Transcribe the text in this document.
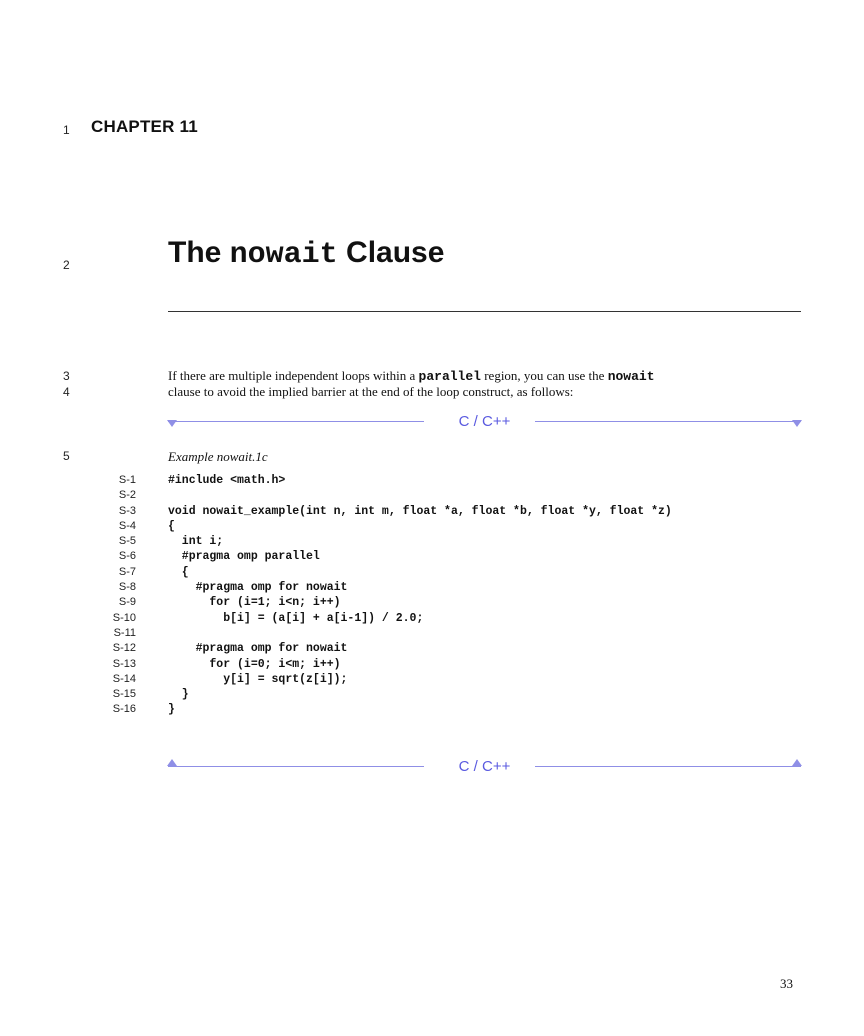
1
2
3
4
5
CHAPTER 11
The nowait Clause
If there are multiple independent loops within a parallel region, you can use the nowait
clause to avoid the implied barrier at the end of the loop construct, as follows:
C / C++
Example nowait.1c
S-1
S-2
S-3
S-4
S-5
S-6
S-7
S-8
S-9
S-10
S-11
S-12
S-13
S-14
S-15
S-16
#include <math.h>
void nowait_example(int n, int m, float *a, float *b, float *y, float *z)
{
int i;
#pragma omp parallel
{
#pragma omp for nowait
for (i=1; i<n; i++)
b[i] = (a[i] + a[i-1]) / 2.0;
#pragma omp for nowait
for (i=0; i<m; i++)
y[i] = sqrt(z[i]);
}
}
C / C++
33
